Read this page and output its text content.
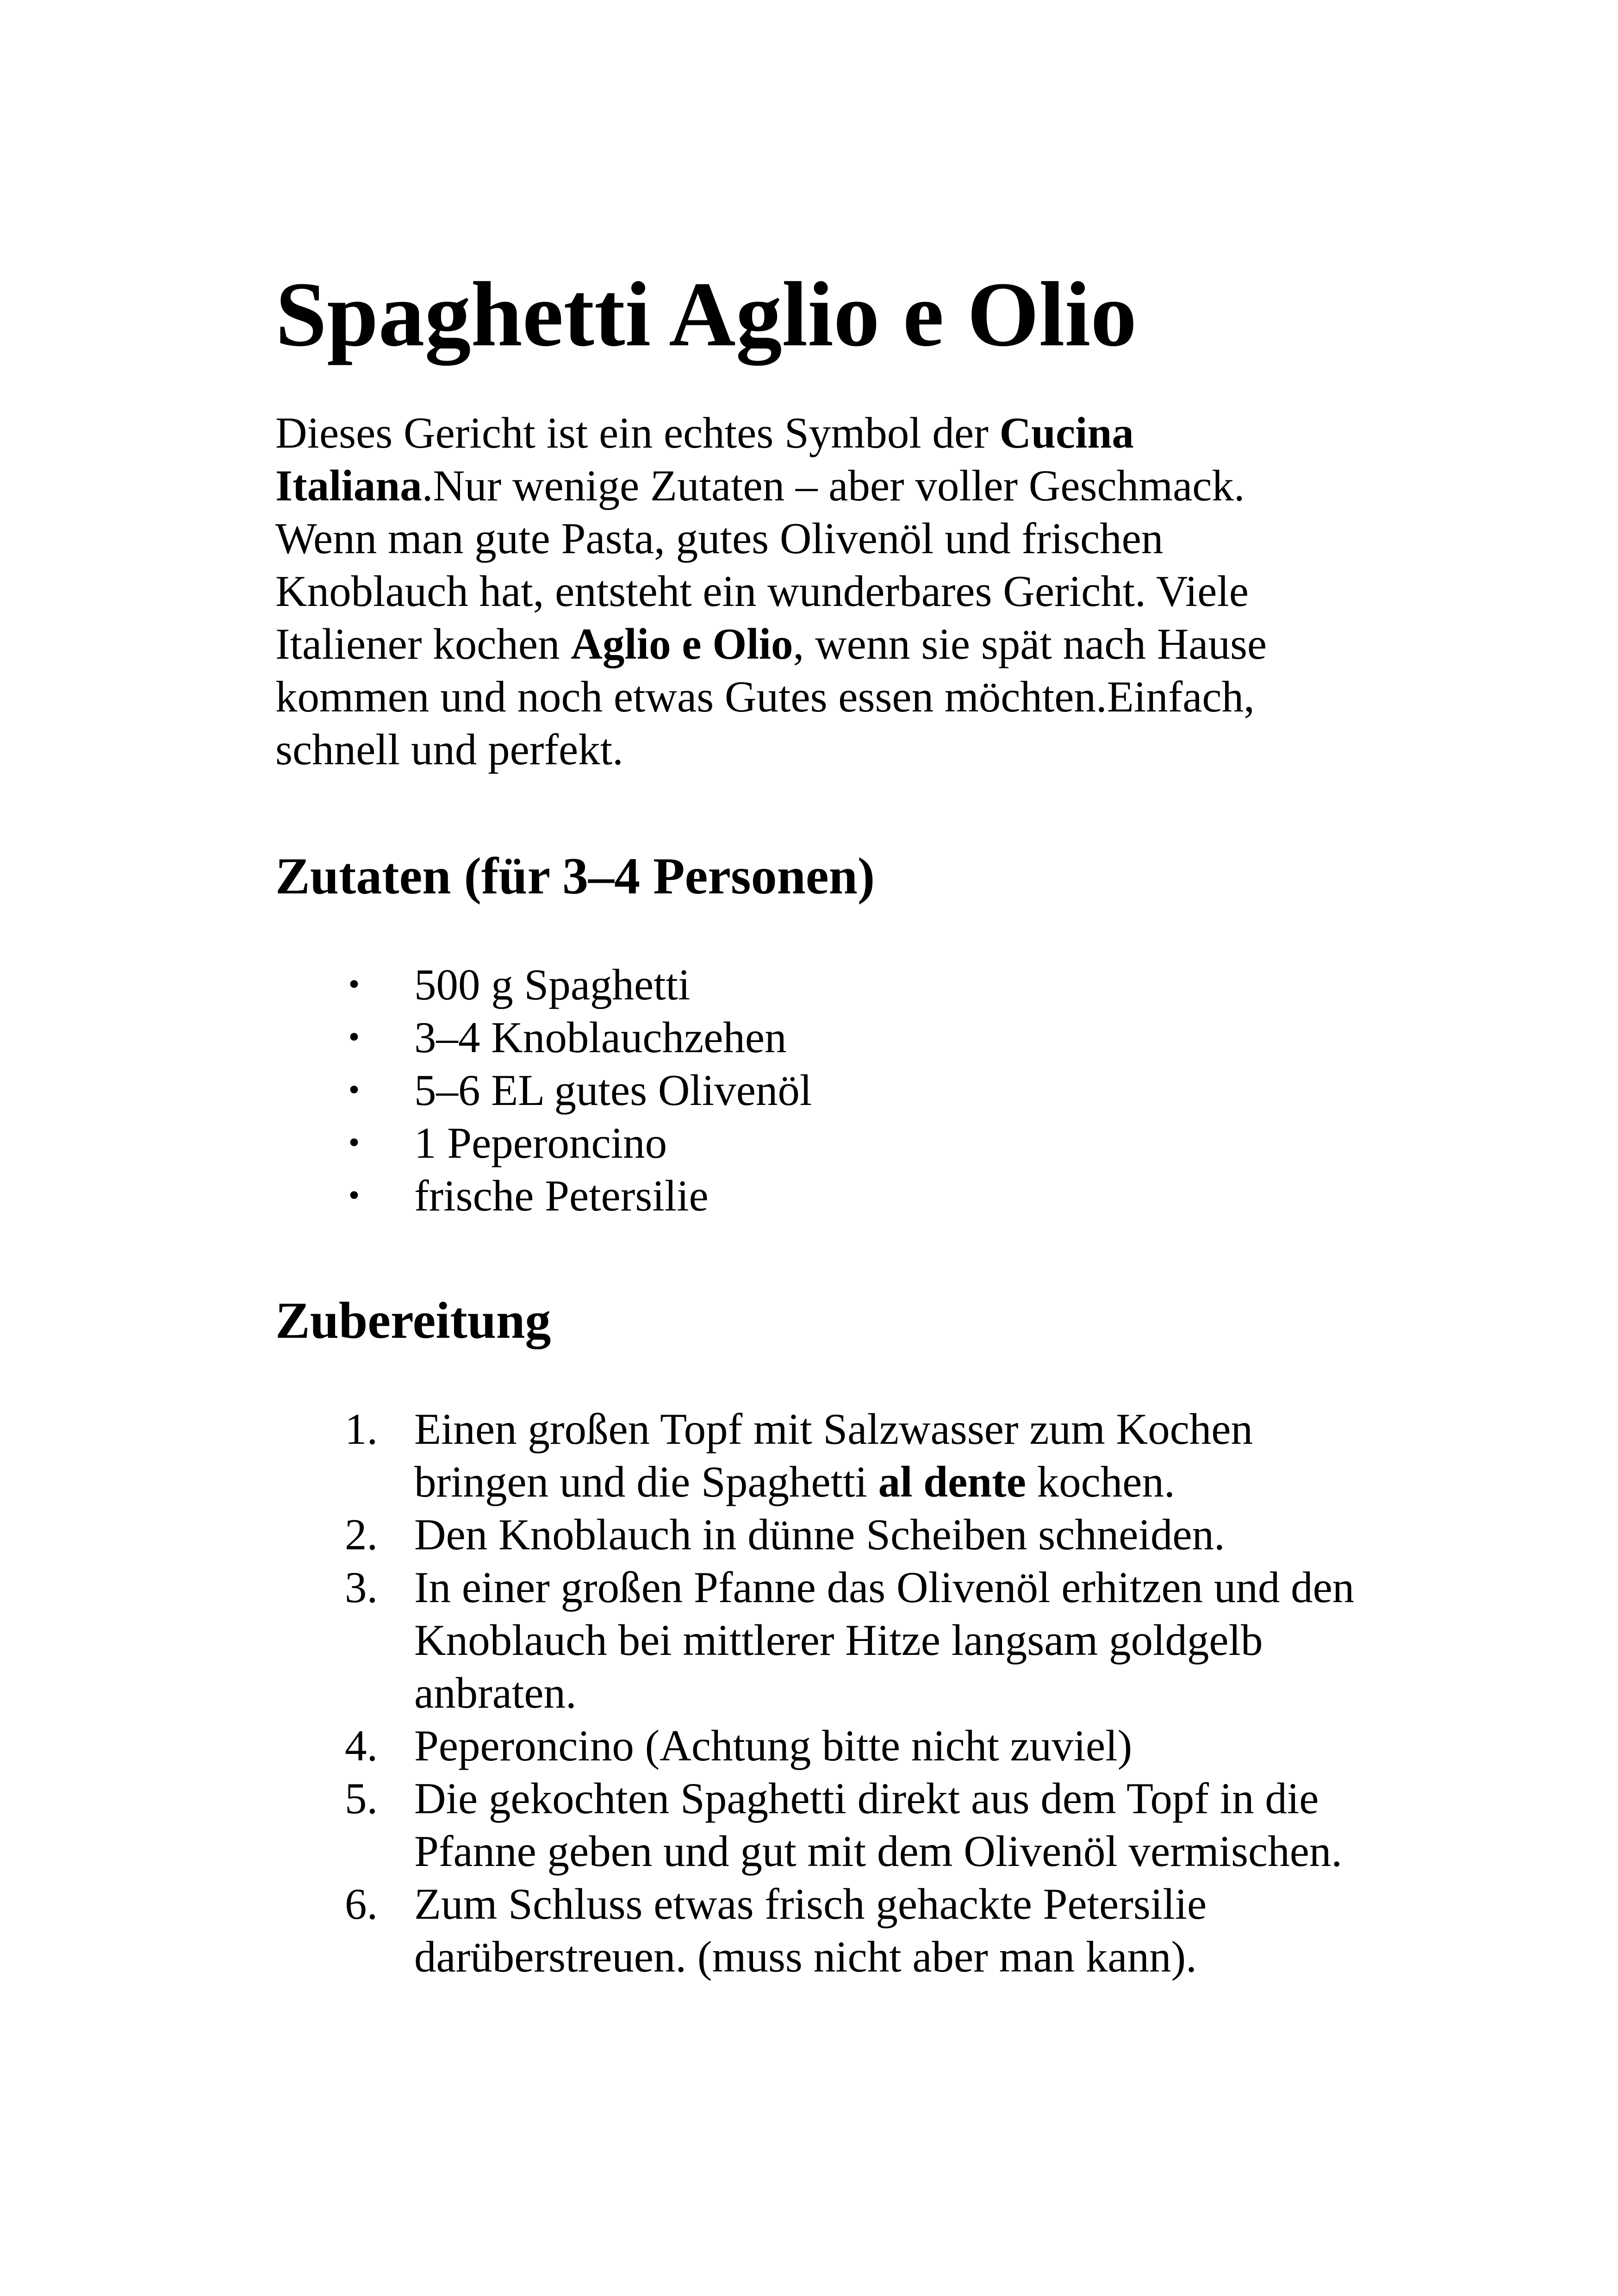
Spaghetti Aglio e Olio

Dieses Gericht ist ein echtes Symbol der Cucina Italiana.Nur wenige Zutaten – aber voller Geschmack. Wenn man gute Pasta, gutes Olivenöl und frischen Knoblauch hat, entsteht ein wunderbares Gericht. Viele Italiener kochen Aglio e Olio, wenn sie spät nach Hause kommen und noch etwas Gutes essen möchten.Einfach, schnell und perfekt.

Zutaten (für 3–4 Personen)
• 500 g Spaghetti
• 3–4 Knoblauchzehen
• 5–6 EL gutes Olivenöl
• 1 Peperoncino
• frische Petersilie
Zubereitung
1. Einen großen Topf mit Salzwasser zum Kochen bringen und die Spaghetti al dente kochen.
2. Den Knoblauch in dünne Scheiben schneiden.
3. In einer großen Pfanne das Olivenöl erhitzen und den Knoblauch bei mittlerer Hitze langsam goldgelb anbraten.
4. Peperoncino (Achtung bitte nicht zuviel)
5. Die gekochten Spaghetti direkt aus dem Topf in die Pfanne geben und gut mit dem Olivenöl vermischen.
6. Zum Schluss etwas frisch gehackte Petersilie darüberstreuen. (muss nicht aber man kann).
